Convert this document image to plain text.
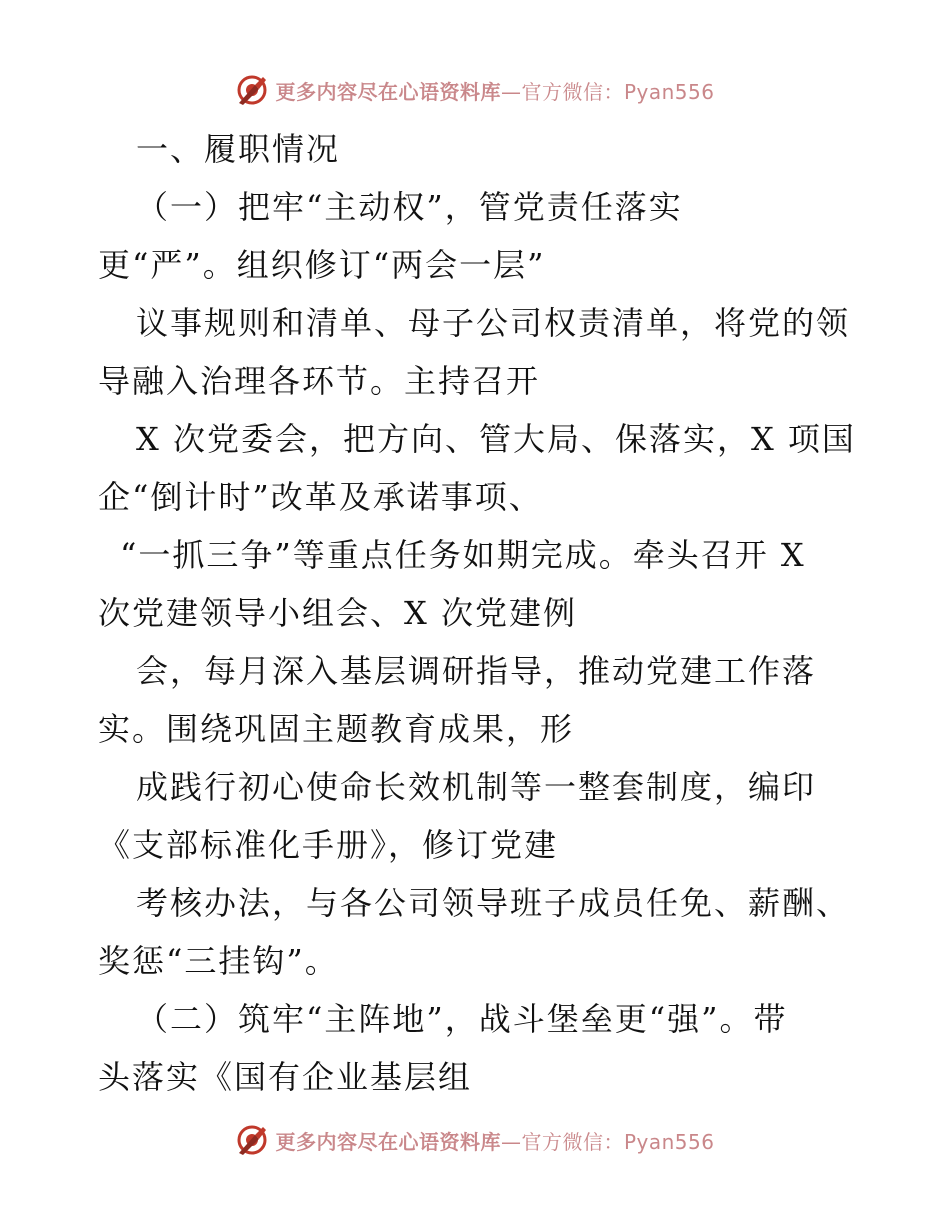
更多内容尽在心语资料库—官方微信：Pyan556
一、履职情况
（一）把牢“主动权”，管党责任落实
更“严”。组织修订“两会一层”
议事规则和清单、母子公司权责清单，将党的领
导融入治理各环节。主持召开
X 次党委会，把方向、管大局、保落实，X 项国
企“倒计时”改革及承诺事项、
“一抓三争”等重点任务如期完成。牵头召开 X
次党建领导小组会、X 次党建例
会，每月深入基层调研指导，推动党建工作落
实。围绕巩固主题教育成果，形
成践行初心使命长效机制等一整套制度，编印
《支部标准化手册》，修订党建
考核办法，与各公司领导班子成员任免、薪酬、
奖惩“三挂钩”。
（二）筑牢“主阵地”，战斗堡垒更“强”。带
头落实《国有企业基层组
更多内容尽在心语资料库—官方微信：Pyan556
